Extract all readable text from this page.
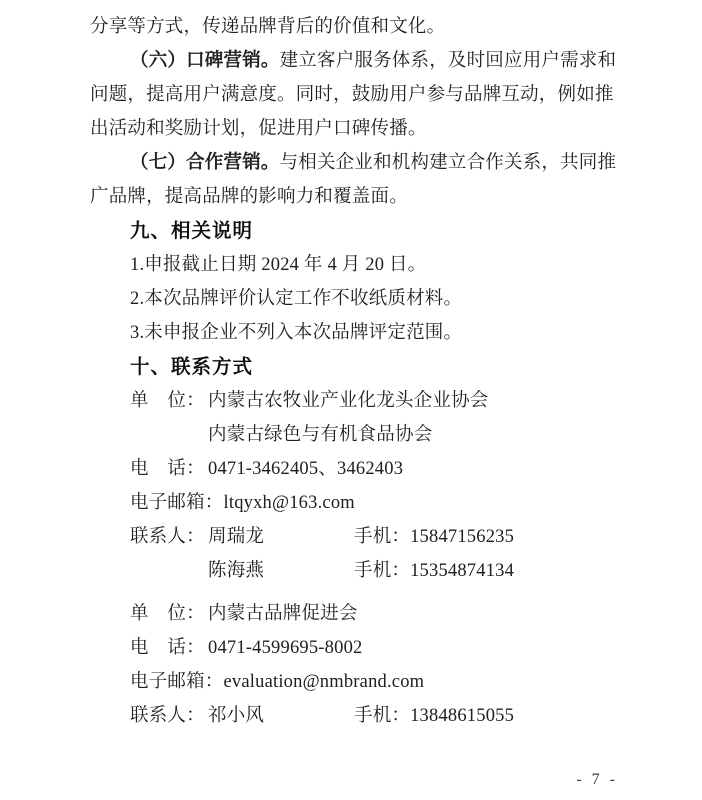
分享等方式，传递品牌背后的价值和文化。
（六）口碑营销。建立客户服务体系，及时回应用户需求和
问题，提高用户满意度。同时，鼓励用户参与品牌互动，例如推
出活动和奖励计划，促进用户口碑传播。
（七）合作营销。与相关企业和机构建立合作关系，共同推
广品牌，提高品牌的影响力和覆盖面。
九、相关说明
1.申报截止日期 2024 年 4 月 20 日。
2.本次品牌评价认定工作不收纸质材料。
3.未申报企业不列入本次品牌评定范围。
十、联系方式
单　位： 内蒙古农牧业产业化龙头企业协会
内蒙古绿色与有机食品协会
电　话： 0471-3462405、3462403
电子邮箱：ltqyxh@163.com
联系人： 周瑞龙	手机：15847156235
陈海燕	手机：15354874134
单　位： 内蒙古品牌促进会
电　话： 0471-4599695-8002
电子邮箱：evaluation@nmbrand.com
联系人： 祁小风	手机：13848615055
- 7 -
